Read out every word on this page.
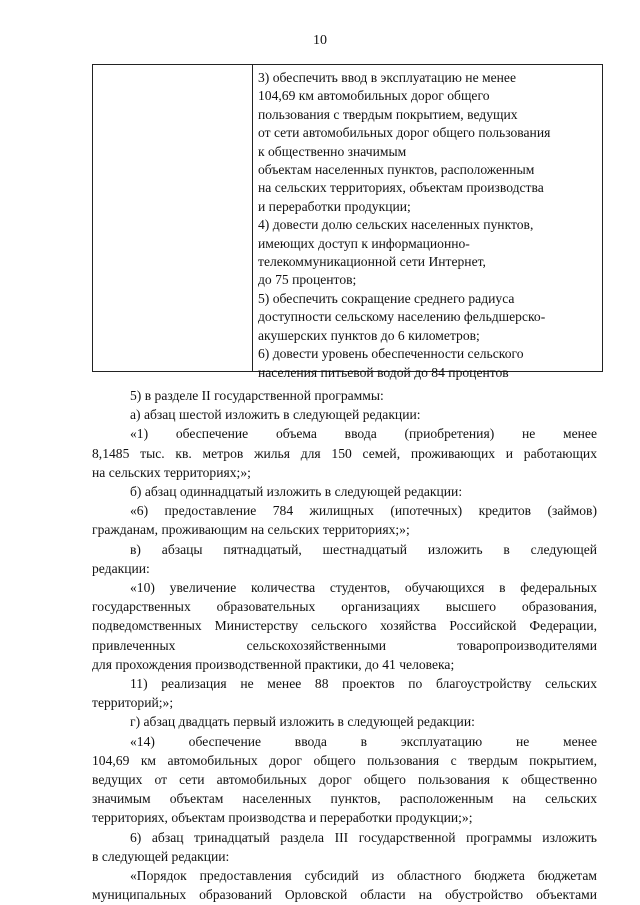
10
3) обеспечить ввод в эксплуатацию не менее
104,69 км автомобильных дорог общего
пользования с твердым покрытием, ведущих
от сети автомобильных дорог общего пользования
к общественно значимым
объектам населенных пунктов, расположенным
на сельских территориях, объектам производства
и переработки продукции;
4) довести долю сельских населенных пунктов,
имеющих доступ к информационно-
телекоммуникационной сети Интернет,
до 75 процентов;
5) обеспечить сокращение среднего радиуса
доступности сельскому населению фельдшерско-
акушерских пунктов до 6 километров;
6) довести уровень обеспеченности сельского
населения питьевой водой до 84 процентов
5) в разделе II государственной программы:
а) абзац шестой изложить в следующей редакции:
«1) обеспечение объема ввода (приобретения) не менее
8,1485 тыс. кв. метров жилья для 150 семей, проживающих и работающих
на сельских территориях;»;
б) абзац одиннадцатый изложить в следующей редакции:
«6) предоставление 784 жилищных (ипотечных) кредитов (займов)
гражданам, проживающим на сельских территориях;»;
в) абзацы пятнадцатый, шестнадцатый изложить в следующей
редакции:
«10) увеличение количества студентов, обучающихся в федеральных
государственных образовательных организациях высшего образования,
подведомственных Министерству сельского хозяйства Российской Федерации,
привлеченных сельскохозяйственными товаропроизводителями
для прохождения производственной практики, до 41 человека;
11) реализация не менее 88 проектов по благоустройству сельских
территорий;»;
г) абзац двадцать первый изложить в следующей редакции:
«14) обеспечение ввода в эксплуатацию не менее
104,69 км автомобильных дорог общего пользования с твердым покрытием,
ведущих от сети автомобильных дорог общего пользования к общественно
значимым объектам населенных пунктов, расположенным на сельских
территориях, объектам производства и переработки продукции;»;
6) абзац тринадцатый раздела III государственной программы изложить
в следующей редакции:
«Порядок предоставления субсидий из областного бюджета бюджетам
муниципальных образований Орловской области на обустройство объектами
